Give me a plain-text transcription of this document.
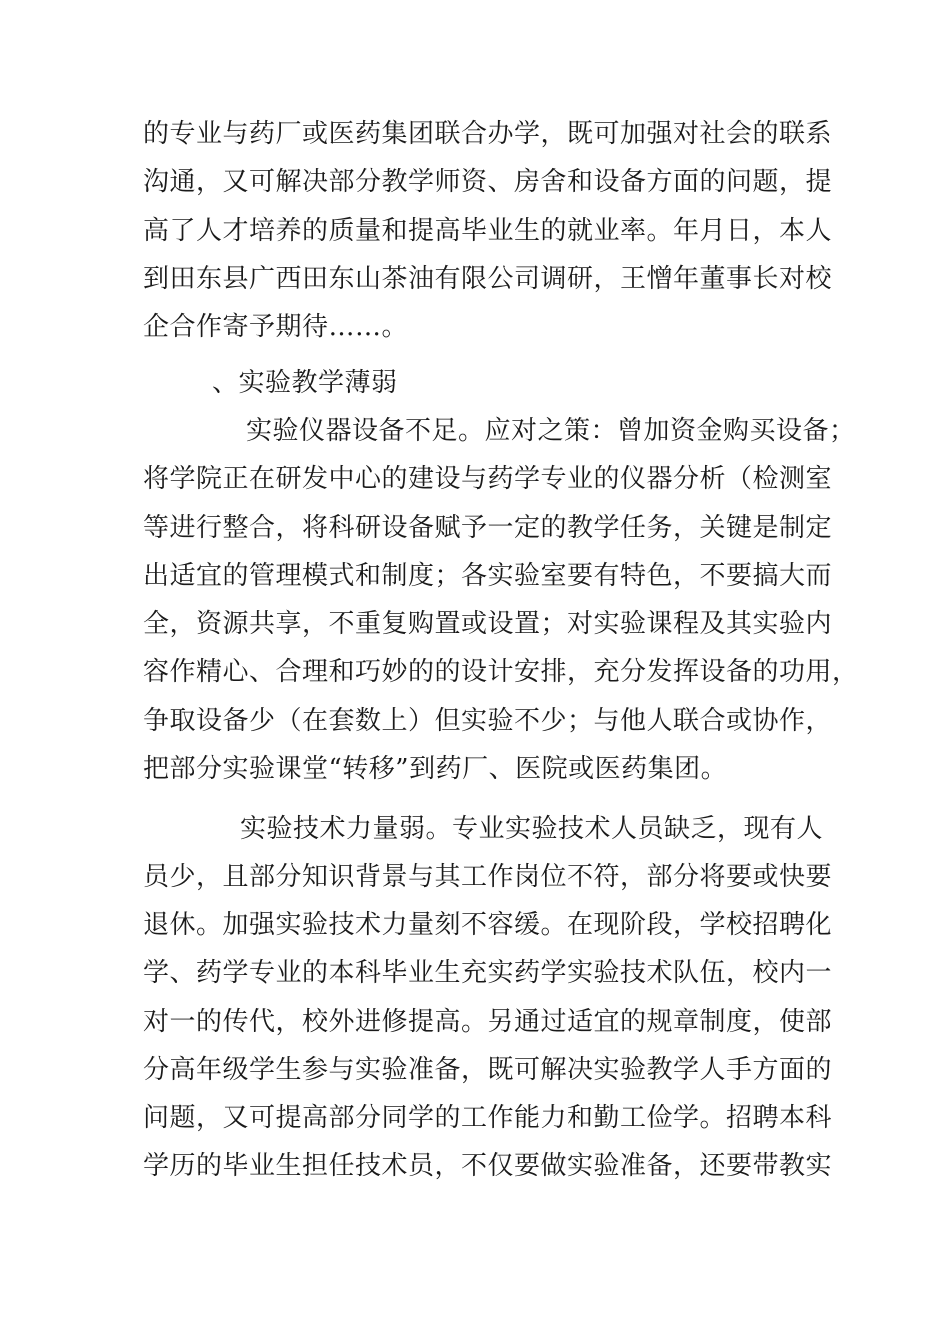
的专业与药厂或医药集团联合办学，既可加强对社会的联系
沟通，又可解决部分教学师资、房舍和设备方面的问题，提
高了人才培养的质量和提高毕业生的就业率。年月日，本人
到田东县广西田东山茶油有限公司调研，王憎年董事长对校
企合作寄予期待……。
、实验教学薄弱
实验仪器设备不足。应对之策：曾加资金购买设备；
将学院正在研发中心的建设与药学专业的仪器分析（检测室
等进行整合，将科研设备赋予一定的教学任务，关键是制定
出适宜的管理模式和制度；各实验室要有特色，不要搞大而
全，资源共享，不重复购置或设置；对实验课程及其实验内
容作精心、合理和巧妙的的设计安排，充分发挥设备的功用，
争取设备少（在套数上）但实验不少；与他人联合或协作，
把部分实验课堂“转移”到药厂、医院或医药集团。
实验技术力量弱。专业实验技术人员缺乏，现有人
员少，且部分知识背景与其工作岗位不符，部分将要或快要
退休。加强实验技术力量刻不容缓。在现阶段，学校招聘化
学、药学专业的本科毕业生充实药学实验技术队伍，校内一
对一的传代，校外进修提高。另通过适宜的规章制度，使部
分高年级学生参与实验准备，既可解决实验教学人手方面的
问题，又可提高部分同学的工作能力和勤工俭学。招聘本科
学历的毕业生担任技术员，不仅要做实验准备，还要带教实
